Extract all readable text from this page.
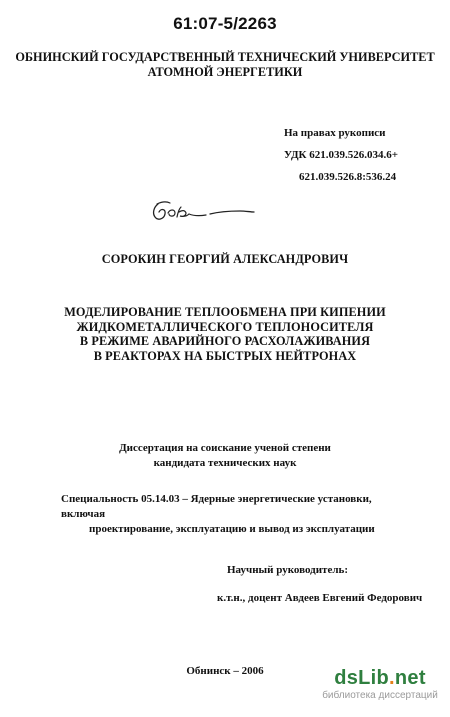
61:07-5/2263
ОБНИНСКИЙ ГОСУДАРСТВЕННЫЙ ТЕХНИЧЕСКИЙ УНИВЕРСИТЕТ
АТОМНОЙ ЭНЕРГЕТИКИ
На правах рукописи
УДК 621.039.526.034.6+
621.039.526.8:536.24
СОРОКИН ГЕОРГИЙ АЛЕКСАНДРОВИЧ
МОДЕЛИРОВАНИЕ ТЕПЛООБМЕНА ПРИ КИПЕНИИ
ЖИДКОМЕТАЛЛИЧЕСКОГО ТЕПЛОНОСИТЕЛЯ
В РЕЖИМЕ АВАРИЙНОГО РАСХОЛАЖИВАНИЯ
В РЕАКТОРАХ НА БЫСТРЫХ НЕЙТРОНАХ
Диссертация на соискание ученой степени
кандидата технических наук
Специальность 05.14.03 – Ядерные энергетические установки, включая
проектирование, эксплуатацию и вывод из эксплуатации
Научный руководитель:
к.т.н., доцент Авдеев Евгений Федорович
Обнинск – 2006	dsLib.net
библиотека диссертаций
